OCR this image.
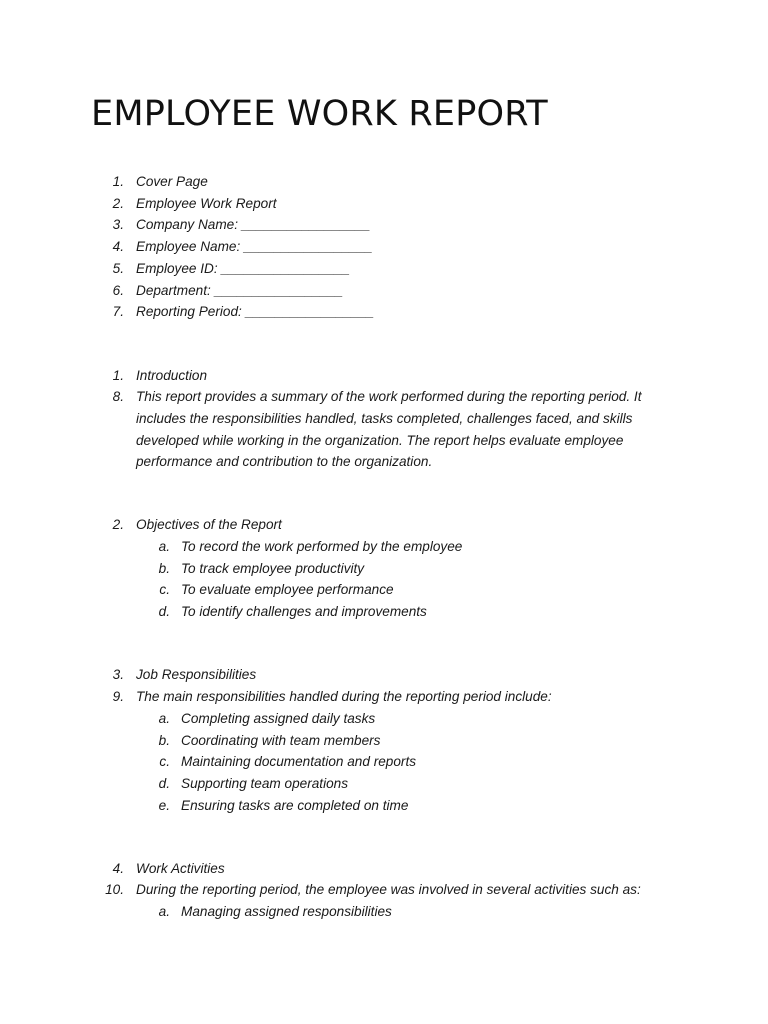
EMPLOYEE WORK REPORT
1. Cover Page
2. Employee Work Report
3. Company Name: _________________
4. Employee Name: _________________
5. Employee ID: _________________
6. Department: _________________
7. Reporting Period: _________________
1. Introduction
8. This report provides a summary of the work performed during the reporting period. It
includes the responsibilities handled, tasks completed, challenges faced, and skills
developed while working in the organization. The report helps evaluate employee
performance and contribution to the organization.
2. Objectives of the Report
a. To record the work performed by the employee
b. To track employee productivity
c. To evaluate employee performance
d. To identify challenges and improvements
3. Job Responsibilities
9. The main responsibilities handled during the reporting period include:
a. Completing assigned daily tasks
b. Coordinating with team members
c. Maintaining documentation and reports
d. Supporting team operations
e. Ensuring tasks are completed on time
4. Work Activities
10. During the reporting period, the employee was involved in several activities such as:
a. Managing assigned responsibilities
